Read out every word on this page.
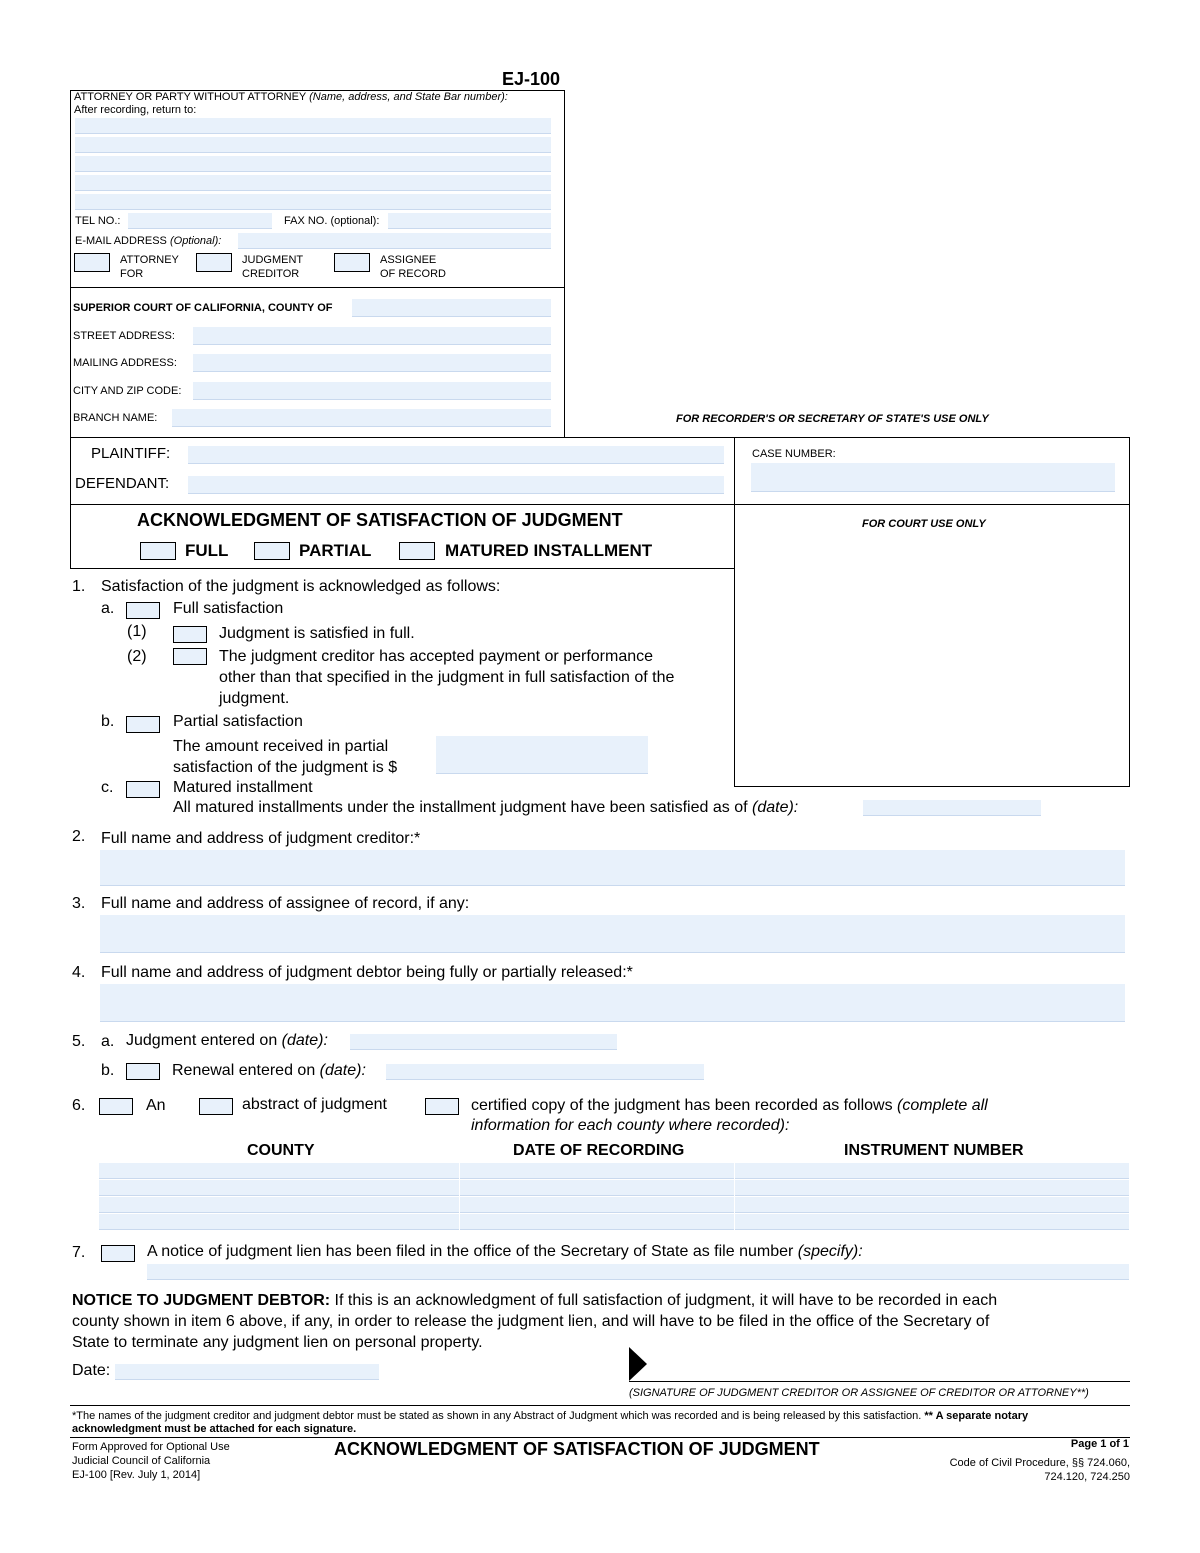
EJ-100
ATTORNEY OR PARTY WITHOUT ATTORNEY (Name, address, and State Bar number):
After recording, return to:
TEL NO.:	FAX NO. (optional):
E-MAIL ADDRESS (Optional):
ATTORNEY
FOR
JUDGMENT
CREDITOR
ASSIGNEE
OF RECORD
SUPERIOR COURT OF CALIFORNIA, COUNTY OF
STREET ADDRESS:
MAILING ADDRESS:
CITY AND ZIP CODE:
BRANCH NAME:	FOR RECORDER'S OR SECRETARY OF STATE'S USE ONLY
PLAINTIFF:
DEFENDANT:
CASE NUMBER:
ACKNOWLEDGMENT OF SATISFACTION OF JUDGMENT
FULL	PARTIAL	MATURED INSTALLMENT
FOR COURT USE ONLY
1. Satisfaction of the judgment is acknowledged as follows:
a.	Full satisfaction
(1)	Judgment is satisfied in full.
(2)	The judgment creditor has accepted payment or performance
other than that specified in the judgment in full satisfaction of the
judgment.
b.	Partial satisfaction
The amount received in partial
satisfaction of the judgment is $
c.	Matured installment
All matured installments under the installment judgment have been satisfied as of (date):
2. Full name and address of judgment creditor:*
3. Full name and address of assignee of record, if any:
4. Full name and address of judgment debtor being fully or partially released:*
5. a. Judgment entered on (date):
b.	Renewal entered on (date):
6.	An	abstract of judgment	certified copy of the judgment has been recorded as follows (complete all
information for each county where recorded):
COUNTY	DATE OF RECORDING	INSTRUMENT NUMBER
7.	A notice of judgment lien has been filed in the office of the Secretary of State as file number (specify):
NOTICE TO JUDGMENT DEBTOR: If this is an acknowledgment of full satisfaction of judgment, it will have to be recorded in each
county shown in item 6 above, if any, in order to release the judgment lien, and will have to be filed in the office of the Secretary of
State to terminate any judgment lien on personal property.
Date:
(SIGNATURE OF JUDGMENT CREDITOR OR ASSIGNEE OF CREDITOR OR ATTORNEY**)
*The names of the judgment creditor and judgment debtor must be stated as shown in any Abstract of Judgment which was recorded and is being released by this satisfaction. ** A separate notary
acknowledgment must be attached for each signature.
Form Approved for Optional Use
Judicial Council of California
EJ-100 [Rev. July 1, 2014]
ACKNOWLEDGMENT OF SATISFACTION OF JUDGMENT	Page 1 of 1
Code of Civil Procedure, §§ 724.060,
724.120, 724.250
